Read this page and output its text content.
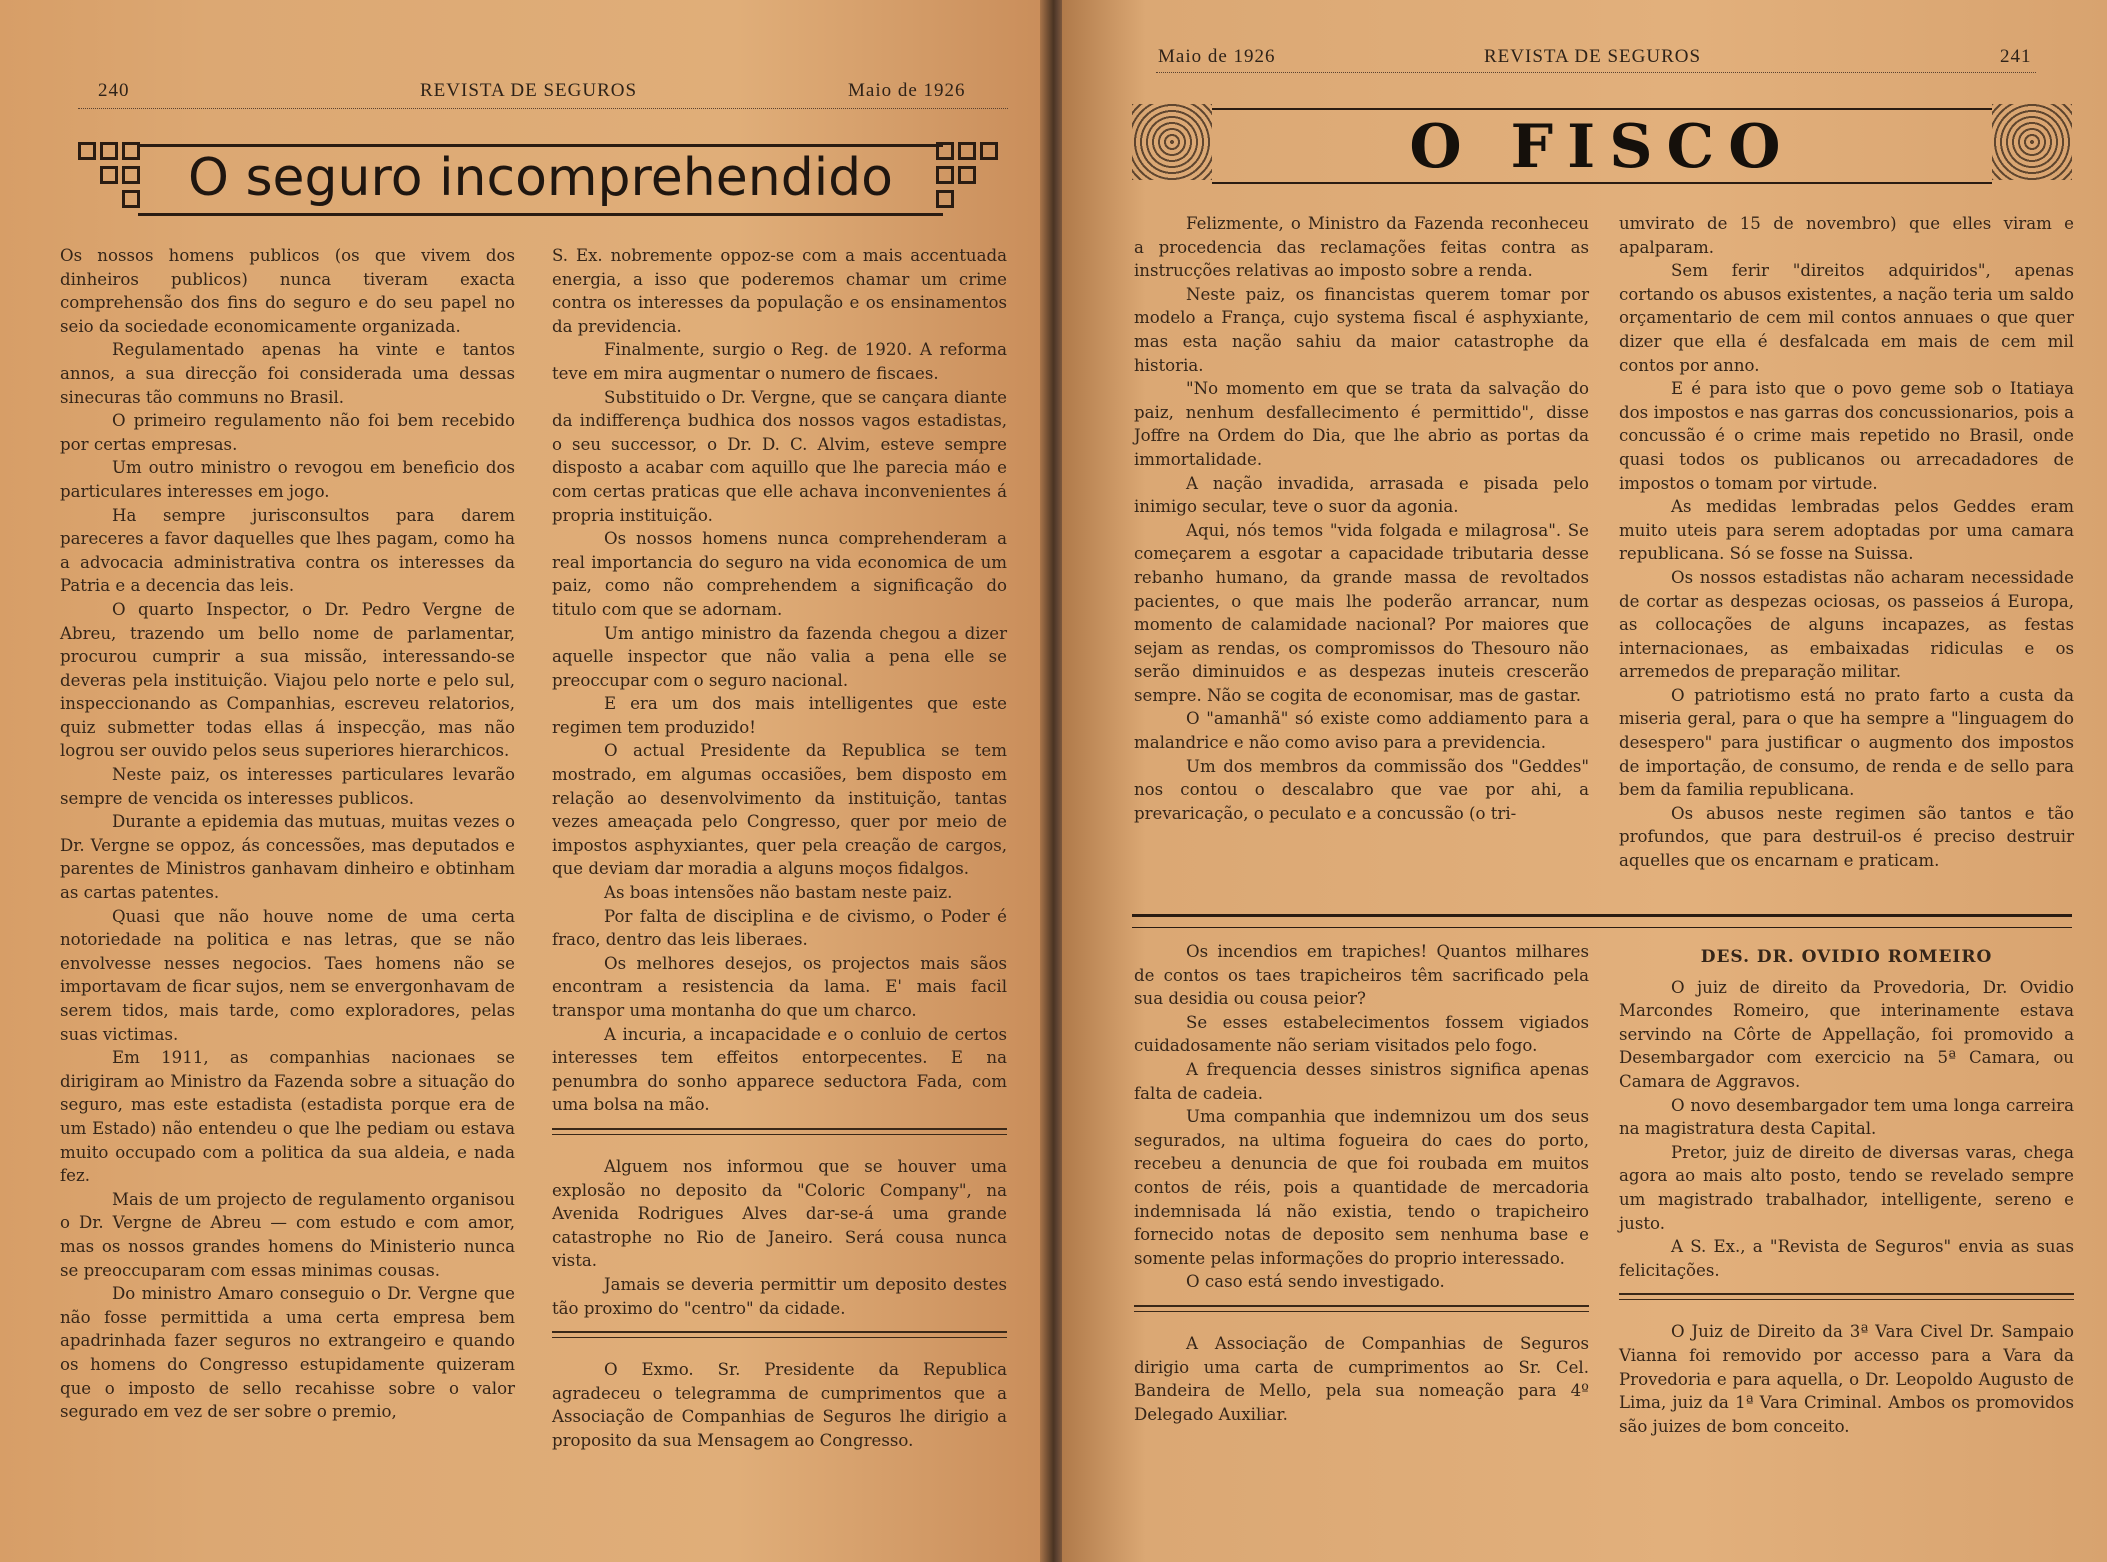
240	REVISTA DE SEGUROS	Maio de 1926
O seguro incomprehendido

Os nossos homens publicos (os que vivem dos dinheiros publicos) nunca tiveram exacta comprehensão dos fins do seguro e do seu papel no seio da sociedade economicamente organizada.

Regulamentado apenas ha vinte e tantos annos, a sua direcção foi considerada uma dessas sinecuras tão communs no Brasil.

O primeiro regulamento não foi bem recebido por certas empresas.

Um outro ministro o revogou em beneficio dos particulares interesses em jogo.

Ha sempre jurisconsultos para darem pareceres a favor daquelles que lhes pagam, como ha a advocacia administrativa contra os interesses da Patria e a decencia das leis.

O quarto Inspector, o Dr. Pedro Vergne de Abreu, trazendo um bello nome de parlamentar, procurou cumprir a sua missão, interessando-se deveras pela instituição. Viajou pelo norte e pelo sul, inspeccionando as Companhias, escreveu relatorios, quiz submetter todas ellas á inspecção, mas não logrou ser ouvido pelos seus superiores hierarchicos.

Neste paiz, os interesses particulares levarão sempre de vencida os interesses publicos.

Durante a epidemia das mutuas, muitas vezes o Dr. Vergne se oppoz, ás concessões, mas deputados e parentes de Ministros ganhavam dinheiro e obtinham as cartas patentes.

Quasi que não houve nome de uma certa notoriedade na politica e nas letras, que se não envolvesse nesses negocios. Taes homens não se importavam de ficar sujos, nem se envergonhavam de serem tidos, mais tarde, como exploradores, pelas suas victimas.

Em 1911, as companhias nacionaes se dirigiram ao Ministro da Fazenda sobre a situação do seguro, mas este estadista (estadista porque era de um Estado) não entendeu o que lhe pediam ou estava muito occupado com a politica da sua aldeia, e nada fez.

Mais de um projecto de regulamento organisou o Dr. Vergne de Abreu — com estudo e com amor, mas os nossos grandes homens do Ministerio nunca se preoccuparam com essas minimas cousas.

Do ministro Amaro conseguio o Dr. Vergne que não fosse permittida a uma certa empresa bem apadrinhada fazer seguros no extrangeiro e quando os homens do Congresso estupidamente quizeram que o imposto de sello recahisse sobre o valor segurado em vez de ser sobre o premio,

S. Ex. nobremente oppoz-se com a mais accentuada energia, a isso que poderemos chamar um crime contra os interesses da população e os ensinamentos da previdencia.

Finalmente, surgio o Reg. de 1920. A reforma teve em mira augmentar o numero de fiscaes.

Substituido o Dr. Vergne, que se cançara diante da indifferença budhica dos nossos vagos estadistas, o seu successor, o Dr. D. C. Alvim, esteve sempre disposto a acabar com aquillo que lhe parecia máo e com certas praticas que elle achava inconvenientes á propria instituição.

Os nossos homens nunca comprehenderam a real importancia do seguro na vida economica de um paiz, como não comprehendem a significação do titulo com que se adornam.

Um antigo ministro da fazenda chegou a dizer aquelle inspector que não valia a pena elle se preoccupar com o seguro nacional.

E era um dos mais intelligentes que este regimen tem produzido!

O actual Presidente da Republica se tem mostrado, em algumas occasiões, bem disposto em relação ao desenvolvimento da instituição, tantas vezes ameaçada pelo Congresso, quer por meio de impostos asphyxiantes, quer pela creação de cargos, que deviam dar moradia a alguns moços fidalgos.

As boas intensões não bastam neste paiz.

Por falta de disciplina e de civismo, o Poder é fraco, dentro das leis liberaes.

Os melhores desejos, os projectos mais sãos encontram a resistencia da lama. E' mais facil transpor uma montanha do que um charco.

A incuria, a incapacidade e o conluio de certos interesses tem effeitos entorpecentes. E na penumbra do sonho apparece seductora Fada, com uma bolsa na mão.

Alguem nos informou que se houver uma explosão no deposito da "Coloric Company", na Avenida Rodrigues Alves dar-se-á uma grande catastrophe no Rio de Janeiro. Será cousa nunca vista.

Jamais se deveria permittir um deposito destes tão proximo do "centro" da cidade.

O Exmo. Sr. Presidente da Republica agradeceu o telegramma de cumprimentos que a Associação de Companhias de Seguros lhe dirigio a proposito da sua Mensagem ao Congresso.

Maio de 1926	REVISTA DE SEGUROS	241
O FISCO

Felizmente, o Ministro da Fazenda reconheceu a procedencia das reclamações feitas contra as instrucções relativas ao imposto sobre a renda.

Neste paiz, os financistas querem tomar por modelo a França, cujo systema fiscal é asphyxiante, mas esta nação sahiu da maior catastrophe da historia.

"No momento em que se trata da salvação do paiz, nenhum desfallecimento é permittido", disse Joffre na Ordem do Dia, que lhe abrio as portas da immortalidade.

A nação invadida, arrasada e pisada pelo inimigo secular, teve o suor da agonia.

Aqui, nós temos "vida folgada e milagrosa". Se começarem a esgotar a capacidade tributaria desse rebanho humano, da grande massa de revoltados pacientes, o que mais lhe poderão arrancar, num momento de calamidade nacional? Por maiores que sejam as rendas, os compromissos do Thesouro não serão diminuidos e as despezas inuteis crescerão sempre. Não se cogita de economisar, mas de gastar.

O "amanhã" só existe como addiamento para a malandrice e não como aviso para a previdencia.

Um dos membros da commissão dos "Geddes" nos contou o descalabro que vae por ahi, a prevaricação, o peculato e a concussão (o tri-

umvirato de 15 de novembro) que elles viram e apalparam.

Sem ferir "direitos adquiridos", apenas cortando os abusos existentes, a nação teria um saldo orçamentario de cem mil contos annuaes o que quer dizer que ella é desfalcada em mais de cem mil contos por anno.

E é para isto que o povo geme sob o Itatiaya dos impostos e nas garras dos concussionarios, pois a concussão é o crime mais repetido no Brasil, onde quasi todos os publicanos ou arrecadadores de impostos o tomam por virtude.

As medidas lembradas pelos Geddes eram muito uteis para serem adoptadas por uma camara republicana. Só se fosse na Suissa.

Os nossos estadistas não acharam necessidade de cortar as despezas ociosas, os passeios á Europa, as collocações de alguns incapazes, as festas internacionaes, as embaixadas ridiculas e os arremedos de preparação militar.

O patriotismo está no prato farto a custa da miseria geral, para o que ha sempre a "linguagem do desespero" para justificar o augmento dos impostos de importação, de consumo, de renda e de sello para bem da familia republicana.

Os abusos neste regimen são tantos e tão profundos, que para destruil-os é preciso destruir aquelles que os encarnam e praticam.

Os incendios em trapiches! Quantos milhares de contos os taes trapicheiros têm sacrificado pela sua desidia ou cousa peior?

Se esses estabelecimentos fossem vigiados cuidadosamente não seriam visitados pelo fogo.

A frequencia desses sinistros significa apenas falta de cadeia.

Uma companhia que indemnizou um dos seus segurados, na ultima fogueira do caes do porto, recebeu a denuncia de que foi roubada em muitos contos de réis, pois a quantidade de mercadoria indemnisada lá não existia, tendo o trapicheiro fornecido notas de deposito sem nenhuma base e somente pelas informações do proprio interessado.

O caso está sendo investigado.

A Associação de Companhias de Seguros dirigio uma carta de cumprimentos ao Sr. Cel. Bandeira de Mello, pela sua nomeação para 4º Delegado Auxiliar.

DES. DR. OVIDIO ROMEIRO

O juiz de direito da Provedoria, Dr. Ovidio Marcondes Romeiro, que interinamente estava servindo na Côrte de Appellação, foi promovido a Desembargador com exercicio na 5ª Camara, ou Camara de Aggravos.

O novo desembargador tem uma longa carreira na magistratura desta Capital.

Pretor, juiz de direito de diversas varas, chega agora ao mais alto posto, tendo se revelado sempre um magistrado trabalhador, intelligente, sereno e justo.

A S. Ex., a "Revista de Seguros" envia as suas felicitações.

O Juiz de Direito da 3ª Vara Civel Dr. Sampaio Vianna foi removido por accesso para a Vara da Provedoria e para aquella, o Dr. Leopoldo Augusto de Lima, juiz da 1ª Vara Criminal. Ambos os promovidos são juizes de bom conceito.
